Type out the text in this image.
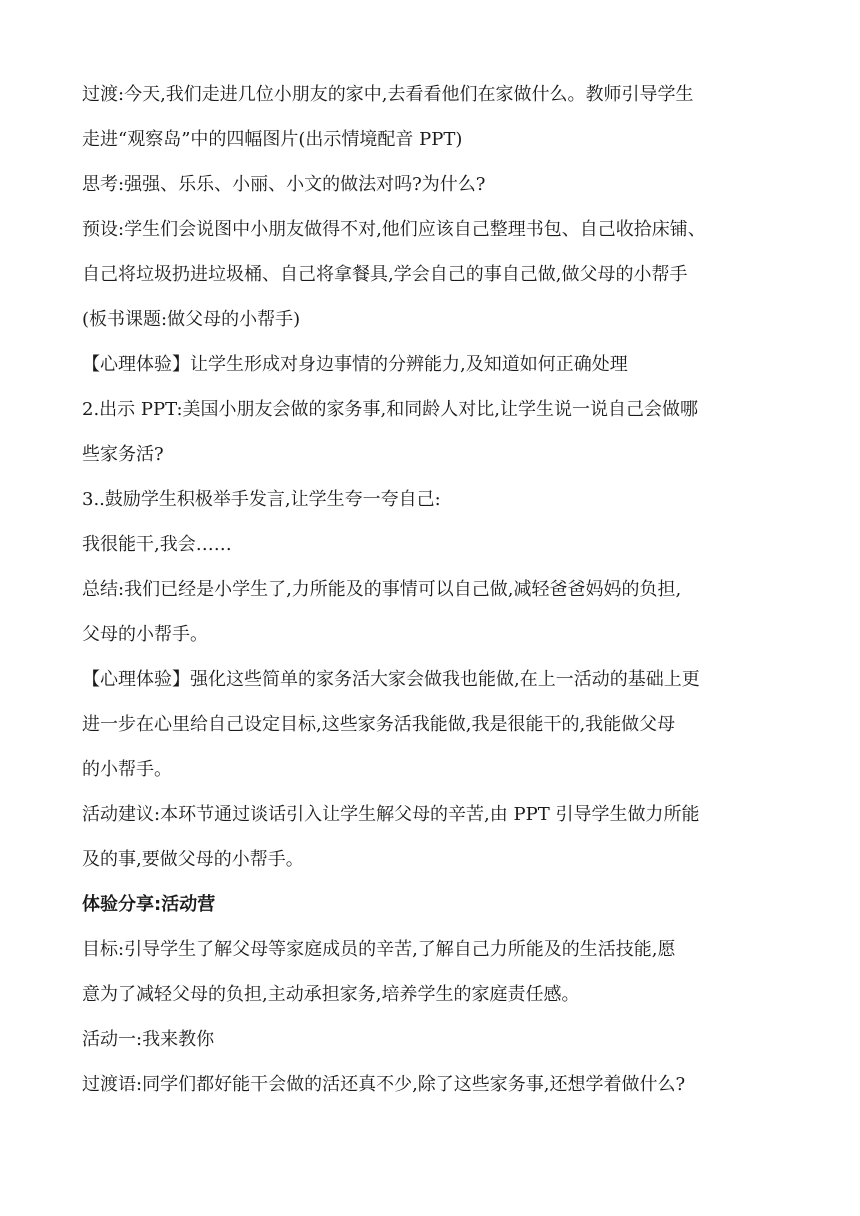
过渡:今天,我们走进几位小朋友的家中,去看看他们在家做什么。教师引导学生

走进“观察岛”中的四幅图片(出示情境配音 PPT)

思考:强强、乐乐、小丽、小文的做法对吗?为什么?

预设:学生们会说图中小朋友做得不对,他们应该自己整理书包、自己收拾床铺、

自己将垃圾扔进垃圾桶、自己将拿餐具,学会自己的事自己做,做父母的小帮手

(板书课题:做父母的小帮手)

【心理体验】让学生形成对身边事情的分辨能力,及知道如何正确处理

2.出示 PPT:美国小朋友会做的家务事,和同龄人对比,让学生说一说自己会做哪

些家务活?

3..鼓励学生积极举手发言,让学生夸一夸自己:

我很能干,我会……

总结:我们已经是小学生了,力所能及的事情可以自己做,减轻爸爸妈妈的负担,

父母的小帮手。

【心理体验】强化这些简单的家务活大家会做我也能做,在上一活动的基础上更

进一步在心里给自己设定目标,这些家务活我能做,我是很能干的,我能做父母

的小帮手。

活动建议:本环节通过谈话引入让学生解父母的辛苦,由 PPT 引导学生做力所能

及的事,要做父母的小帮手。

体验分享:活动营

目标:引导学生了解父母等家庭成员的辛苦,了解自己力所能及的生活技能,愿

意为了减轻父母的负担,主动承担家务,培养学生的家庭责任感。

活动一:我来教你

过渡语:同学们都好能干会做的活还真不少,除了这些家务事,还想学着做什么?
